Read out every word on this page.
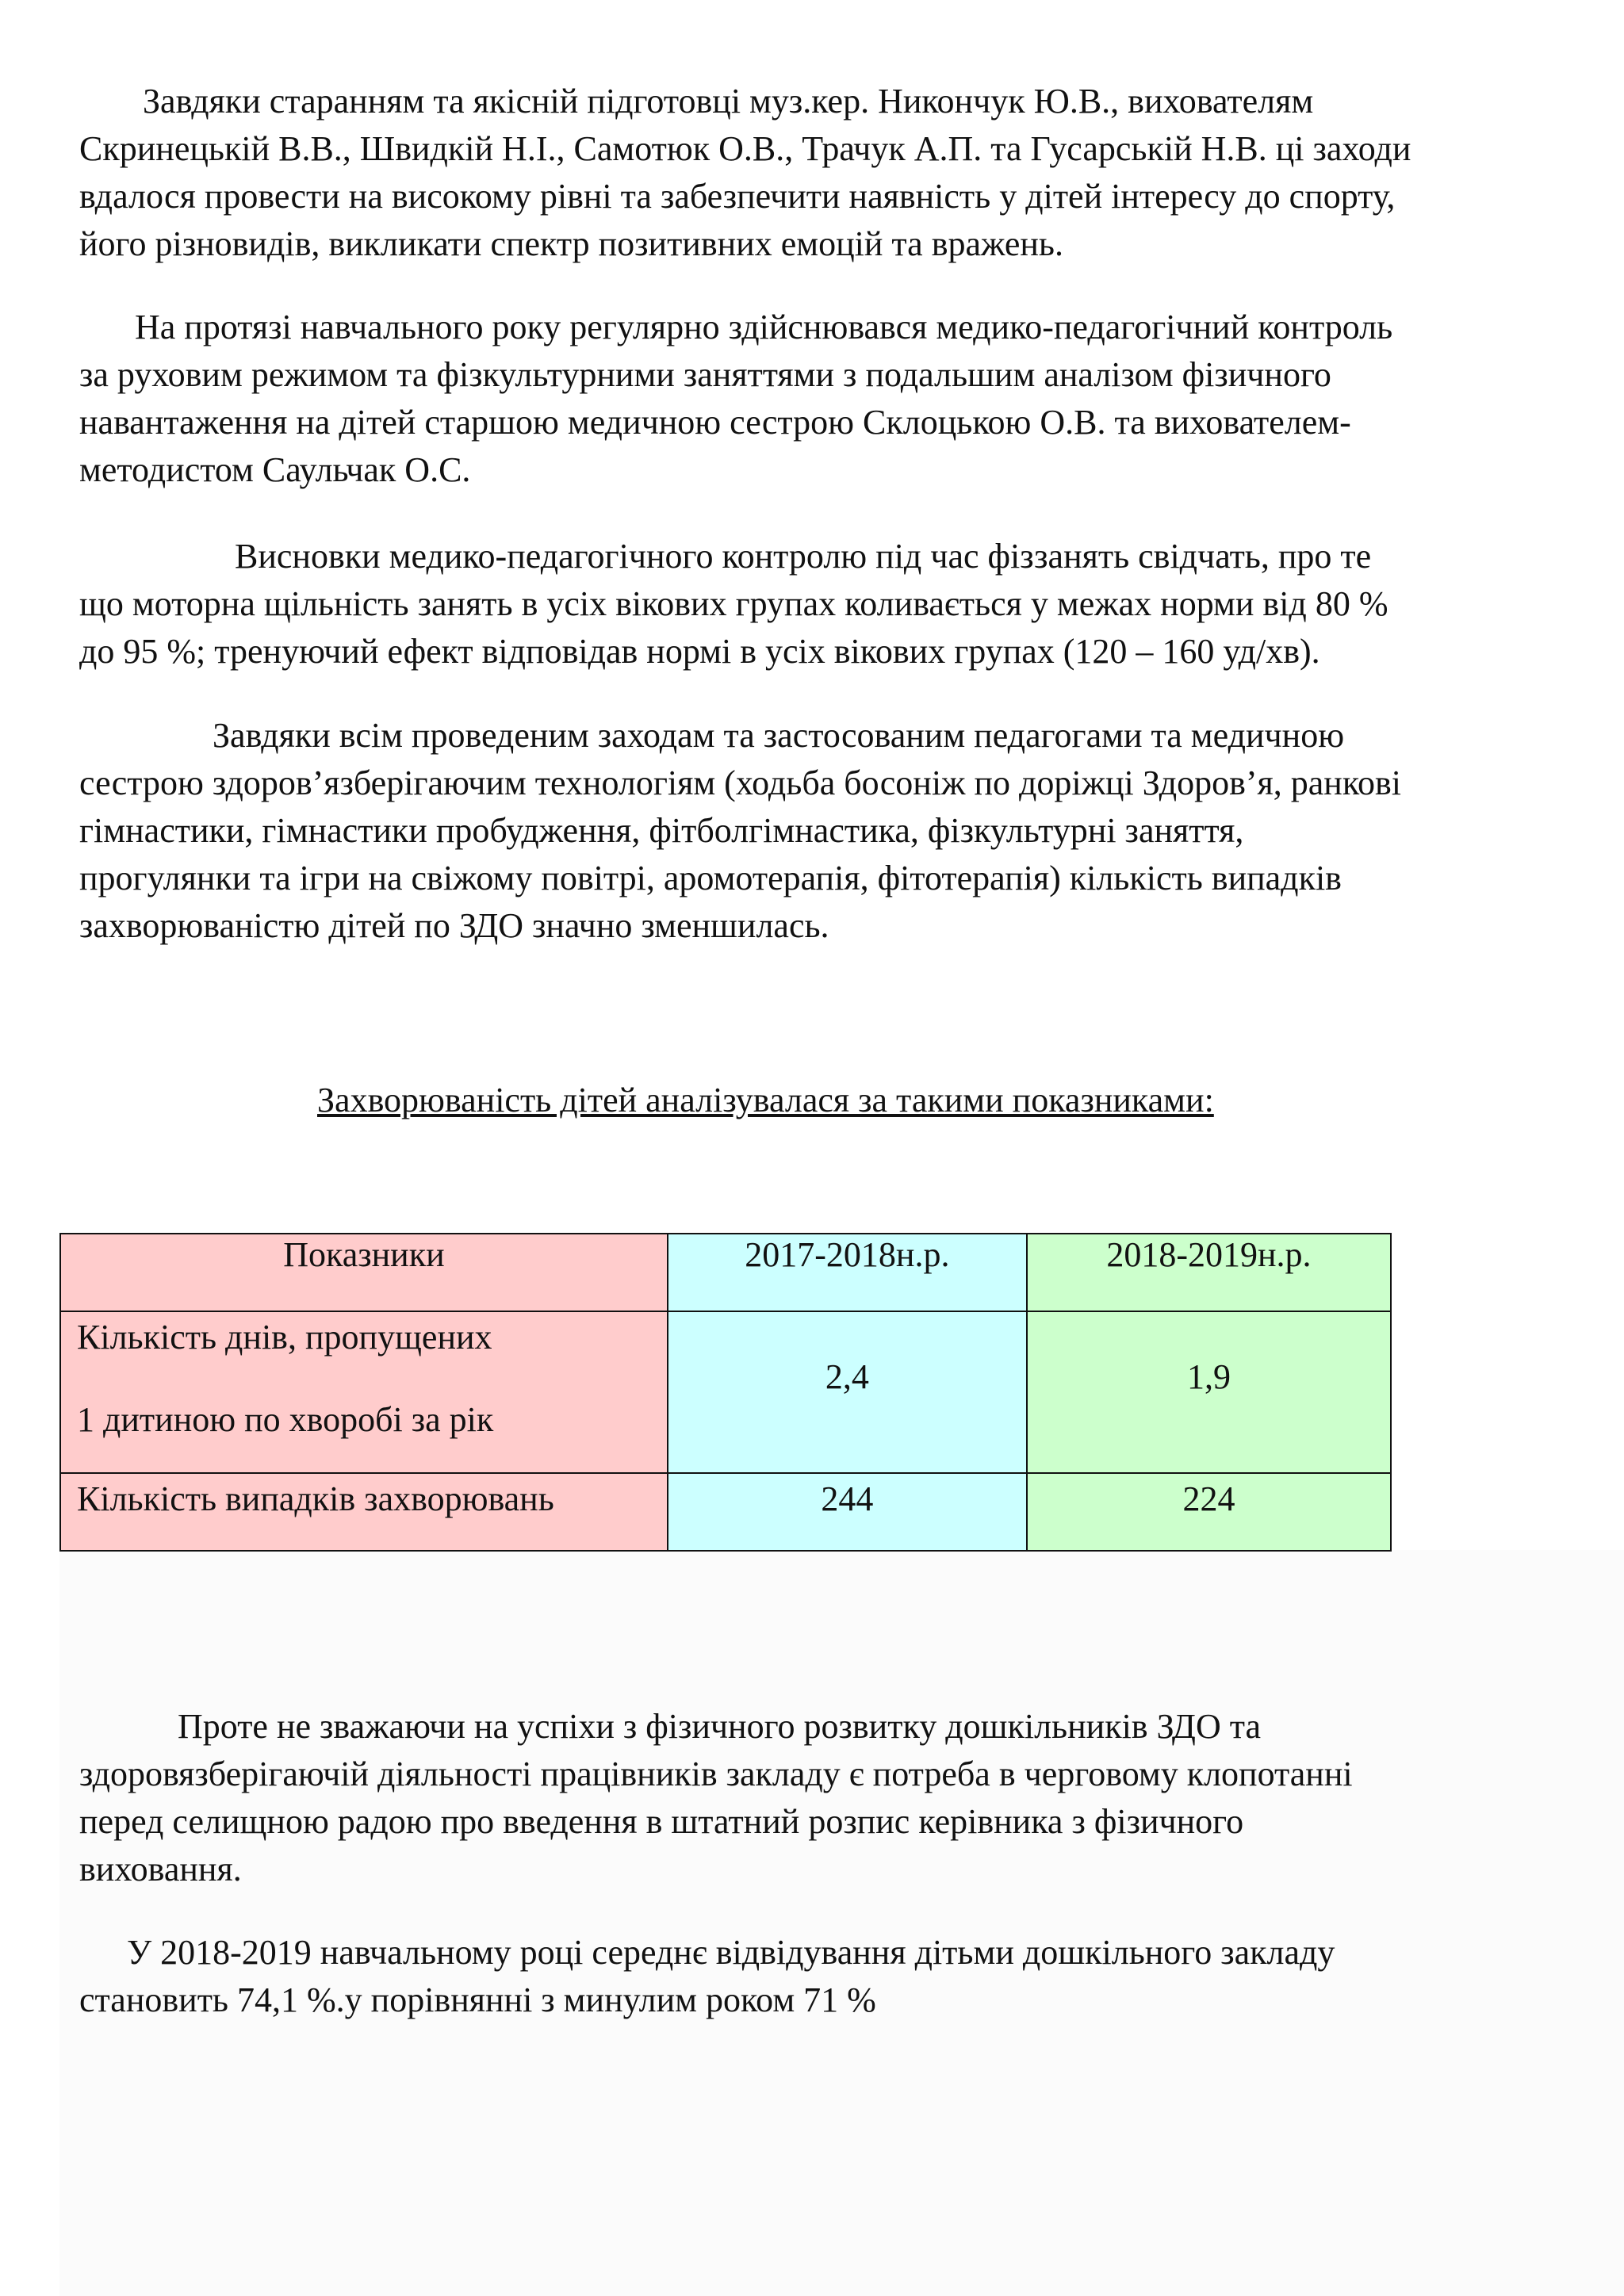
Завдяки старанням та якісній підготовці муз.кер. Никончук Ю.В., вихователям
Скринецькій В.В., Швидкій Н.І., Самотюк О.В., Трачук А.П. та Гусарській Н.В. ці заходи
вдалося провести на високому рівні та забезпечити наявність у дітей інтересу до спорту,
його різновидів, викликати спектр позитивних емоцій та вражень.

На протязі навчального року регулярно здійснювався медико-педагогічний контроль
за руховим режимом та фізкультурними заняттями з подальшим аналізом фізичного
навантаження на дітей старшою медичною сестрою Склоцькою О.В. та вихователем-
методистом Саульчак О.С.

Висновки медико-педагогічного контролю під час фіззанять свідчать, про те
що моторна щільність занять в усіх вікових групах коливається у межах норми від 80 %
до 95 %; тренуючий ефект відповідав нормі в усіх вікових групах (120 – 160 уд/хв).

Завдяки всім проведеним заходам та застосованим педагогами та медичною
сестрою здоров’язберігаючим технологіям (ходьба босоніж по доріжці Здоров’я, ранкові
гімнастики, гімнастики пробудження, фітболгімнастика, фізкультурні заняття,
прогулянки та ігри на свіжому повітрі, аромотерапія, фітотерапія) кількість випадків
захворюваністю дітей по ЗДО значно зменшилась.

Захворюваність дітей аналізувалася за такими показниками:
Показники	2017-2018н.р.	2018-2019н.р.

Кількість днів, пропущених
1 дитиною по хворобі за рік	2,4	1,9
Кількість випадків захворювань	244	224

Проте не зважаючи на успіхи з фізичного розвитку дошкільників ЗДО та
здоровязберігаючій діяльності працівників закладу є потреба в черговому клопотанні
перед селищною радою про введення в штатний розпис керівника з фізичного
виховання.

У 2018-2019 навчальному році середнє відвідування дітьми дошкільного закладу
становить 74,1 %.у порівнянні з минулим роком 71 %
